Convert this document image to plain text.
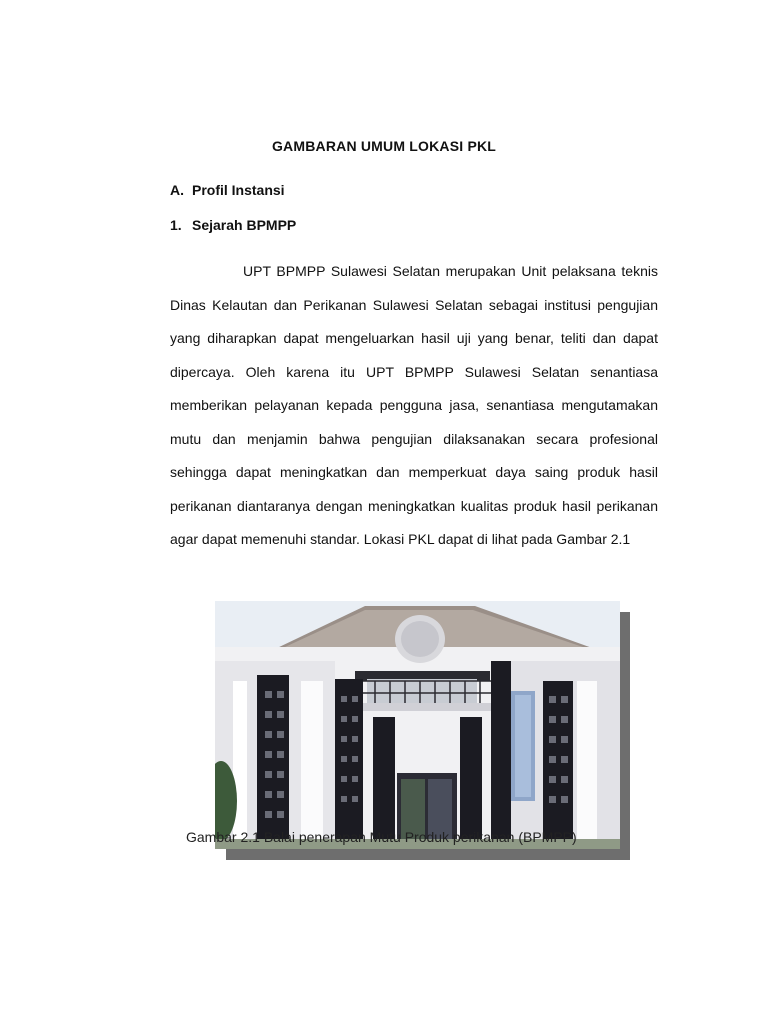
GAMBARAN UMUM LOKASI PKL
A. Profil Instansi
1. Sejarah BPMPP

UPT BPMPP Sulawesi Selatan merupakan Unit pelaksana teknis Dinas Kelautan dan Perikanan Sulawesi Selatan sebagai institusi pengujian yang diharapkan dapat mengeluarkan hasil uji yang benar, teliti dan dapat dipercaya. Oleh karena itu UPT BPMPP Sulawesi Selatan senantiasa memberikan pelayanan kepada pengguna jasa, senantiasa mengutamakan mutu dan menjamin bahwa pengujian dilaksanakan secara profesional sehingga dapat meningkatkan dan memperkuat daya saing produk hasil perikanan diantaranya dengan meningkatkan kualitas produk hasil perikanan agar dapat memenuhi standar. Lokasi PKL dapat di lihat pada Gambar 2.1

Gambar 2.1 Balai penerapan Mutu Produk perikanan (BPMPP)
